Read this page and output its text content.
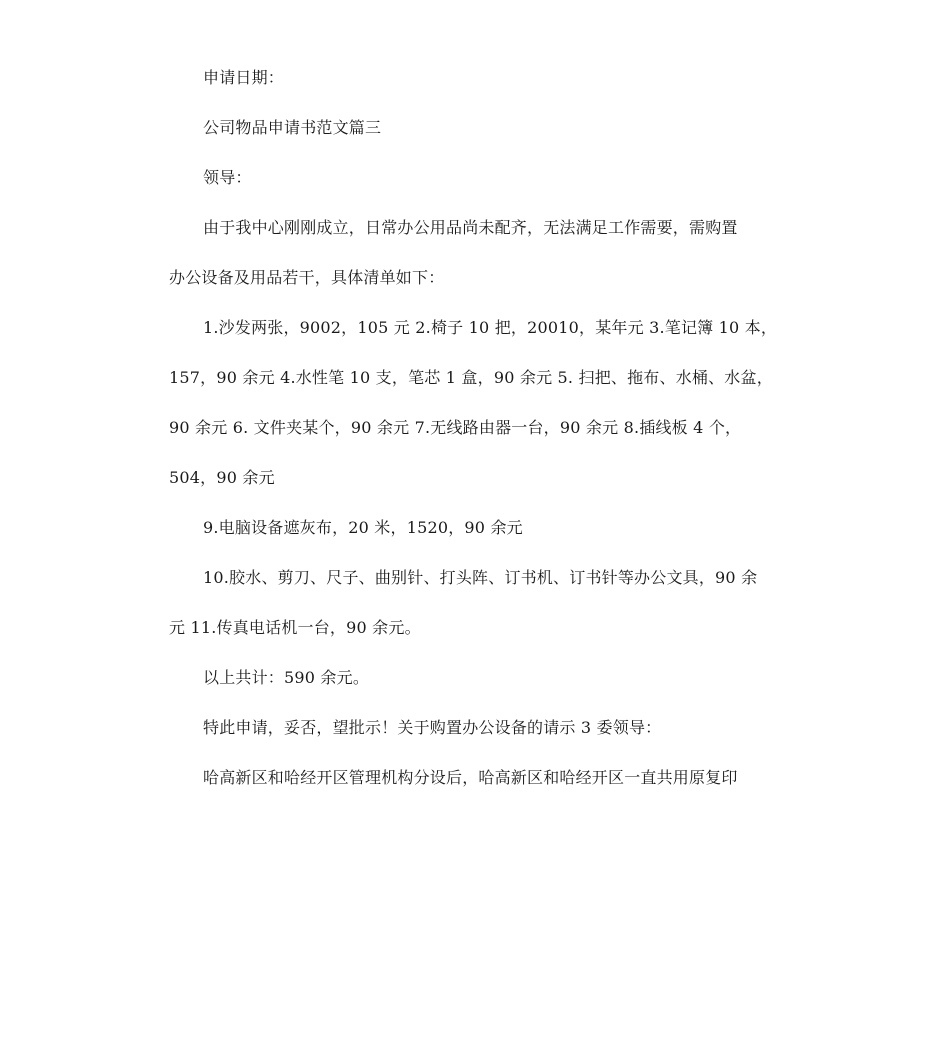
申请日期：
公司物品申请书范文篇三
领导：
由于我中心刚刚成立，日常办公用品尚未配齐，无法满足工作需要，需购置
办公设备及用品若干，具体清单如下：
1.沙发两张，9002，105 元 2.椅子 10 把，20010，某年元 3.笔记簿 10 本，
157，90 余元 4.水性笔 10 支，笔芯 1 盒，90 余元 5. 扫把、拖布、水桶、水盆，
90 余元 6. 文件夹某个，90 余元 7.无线路由器一台，90 余元 8.插线板 4 个，
504，90 余元
9.电脑设备遮灰布，20 米，1520，90 余元
10.胶水、剪刀、尺子、曲别针、打头阵、订书机、订书针等办公文具，90 余
元 11.传真电话机一台，90 余元。
以上共计：590 余元。
特此申请，妥否，望批示！关于购置办公设备的请示 3 委领导：
哈高新区和哈经开区管理机构分设后，哈高新区和哈经开区一直共用原复印
